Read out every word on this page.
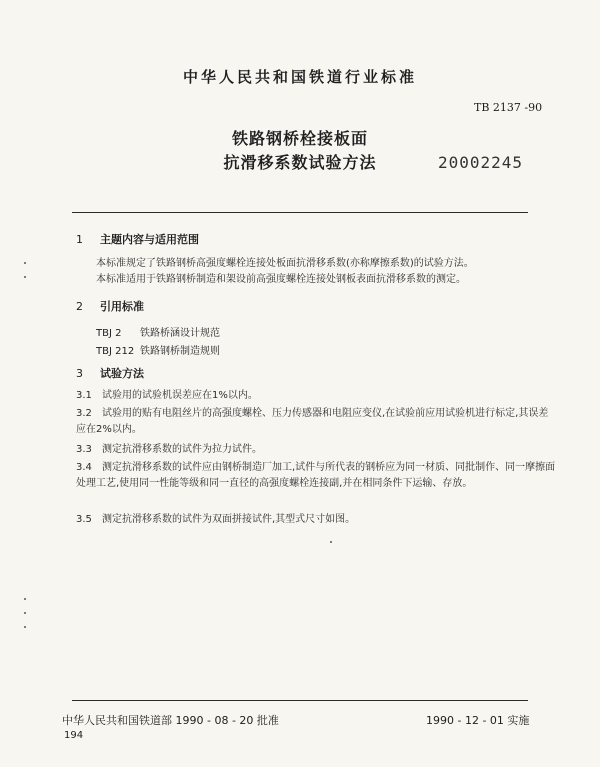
中华人民共和国铁道行业标准
TB 2137 -90
铁路钢桥栓接板面
抗滑移系数试验方法	20002245
1 主题内容与适用范围
本标准规定了铁路钢桥高强度螺栓连接处板面抗滑移系数(亦称摩擦系数)的试验方法。
本标准适用于铁路钢桥制造和架设前高强度螺栓连接处钢板表面抗滑移系数的测定。
2 引用标准
TBJ 2 铁路桥涵设计规范
TBJ 212 铁路钢桥制造规则
3 试验方法
3.1 试验用的试验机误差应在1%以内。
3.2 试验用的贴有电阻丝片的高强度螺栓、压力传感器和电阻应变仪,在试验前应用试验机进行标定,其误差应在2%以内。
3.3 测定抗滑移系数的试件为拉力试件。
3.4 测定抗滑移系数的试件应由钢桥制造厂加工,试件与所代表的钢桥应为同一材质、同批制作、同一摩擦面处理工艺,使用同一性能等级和同一直径的高强度螺栓连接副,并在相同条件下运输、存放。
3.5 测定抗滑移系数的试件为双面拼接试件,其型式尺寸如图。
中华人民共和国铁道部 1990 - 08 - 20 批准	1990 - 12 - 01 实施
194
